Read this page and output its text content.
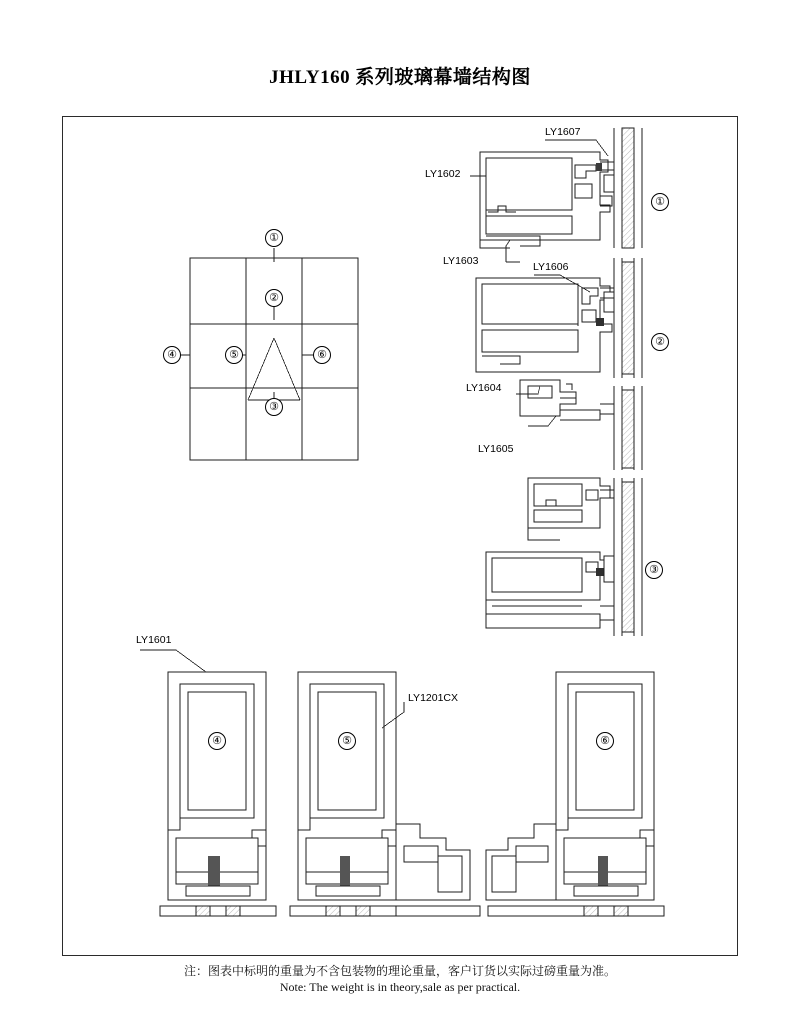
JHLY160 系列玻璃幕墙结构图
①
②
③
④	⑤	⑥
①
②
③
④	⑤	⑥
LY1607
LY1602
LY1603	LY1606
LY1604
LY1605
LY1601
LY1201CX
注：图表中标明的重量为不含包装物的理论重量，客户订货以实际过磅重量为准。
Note: The weight is in theory,sale as per practical.
